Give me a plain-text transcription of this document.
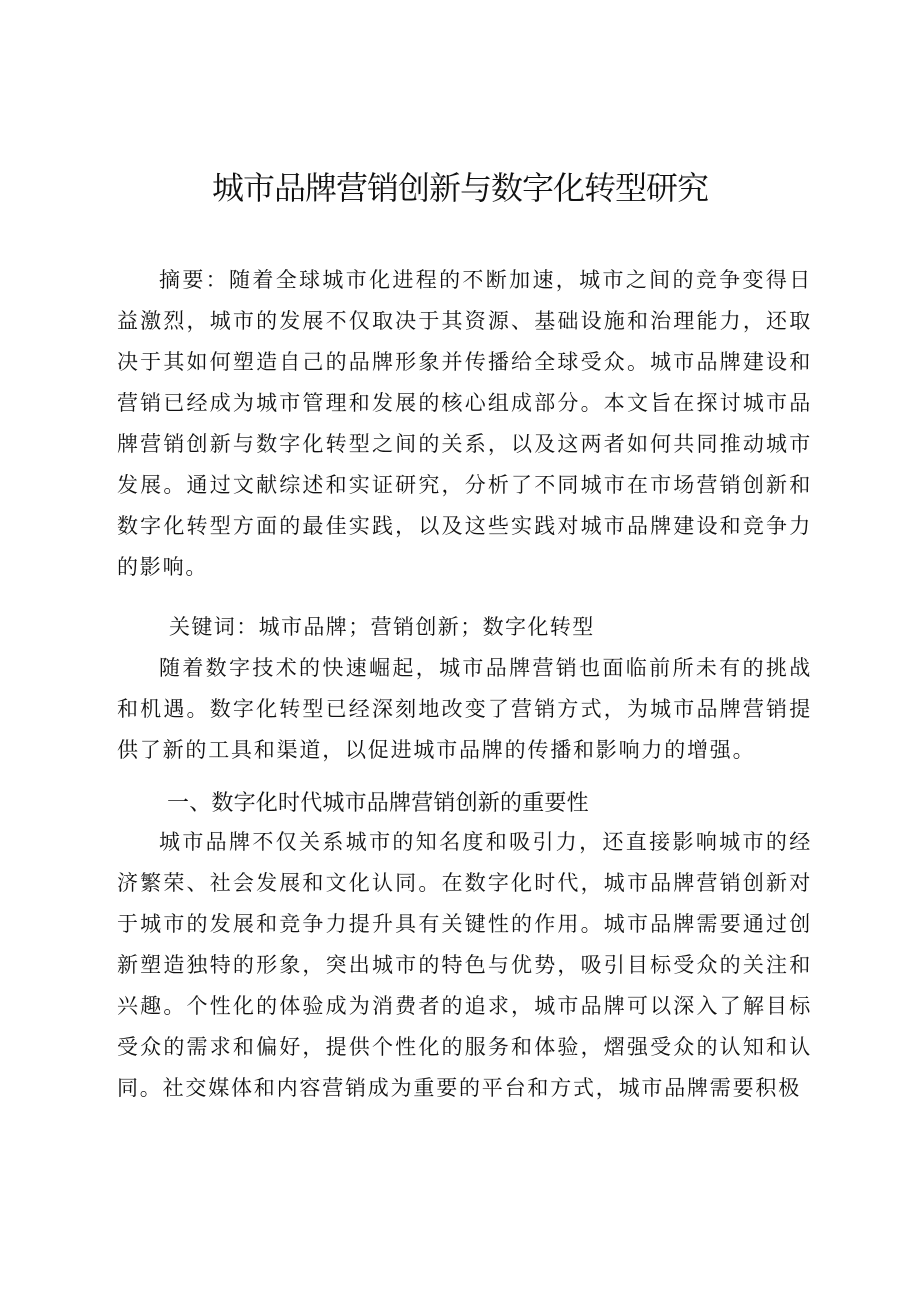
城市品牌营销创新与数字化转型研究

摘要：随着全球城市化进程的不断加速，城市之间的竞争变得日益激烈，城市的发展不仅取决于其资源、基础设施和治理能力，还取决于其如何塑造自己的品牌形象并传播给全球受众。城市品牌建设和营销已经成为城市管理和发展的核心组成部分。本文旨在探讨城市品牌营销创新与数字化转型之间的关系，以及这两者如何共同推动城市发展。通过文献综述和实证研究，分析了不同城市在市场营销创新和数字化转型方面的最佳实践，以及这些实践对城市品牌建设和竞争力的影响。

关键词：城市品牌；营销创新；数字化转型

随着数字技术的快速崛起，城市品牌营销也面临前所未有的挑战和机遇。数字化转型已经深刻地改变了营销方式，为城市品牌营销提供了新的工具和渠道，以促进城市品牌的传播和影响力的增强。

一、数字化时代城市品牌营销创新的重要性

城市品牌不仅关系城市的知名度和吸引力，还直接影响城市的经济繁荣、社会发展和文化认同。在数字化时代，城市品牌营销创新对于城市的发展和竞争力提升具有关键性的作用。城市品牌需要通过创新塑造独特的形象，突出城市的特色与优势，吸引目标受众的关注和兴趣。个性化的体验成为消费者的追求，城市品牌可以深入了解目标受众的需求和偏好，提供个性化的服务和体验，熠强受众的认知和认同。社交媒体和内容营销成为重要的平台和方式，城市品牌需要积极
